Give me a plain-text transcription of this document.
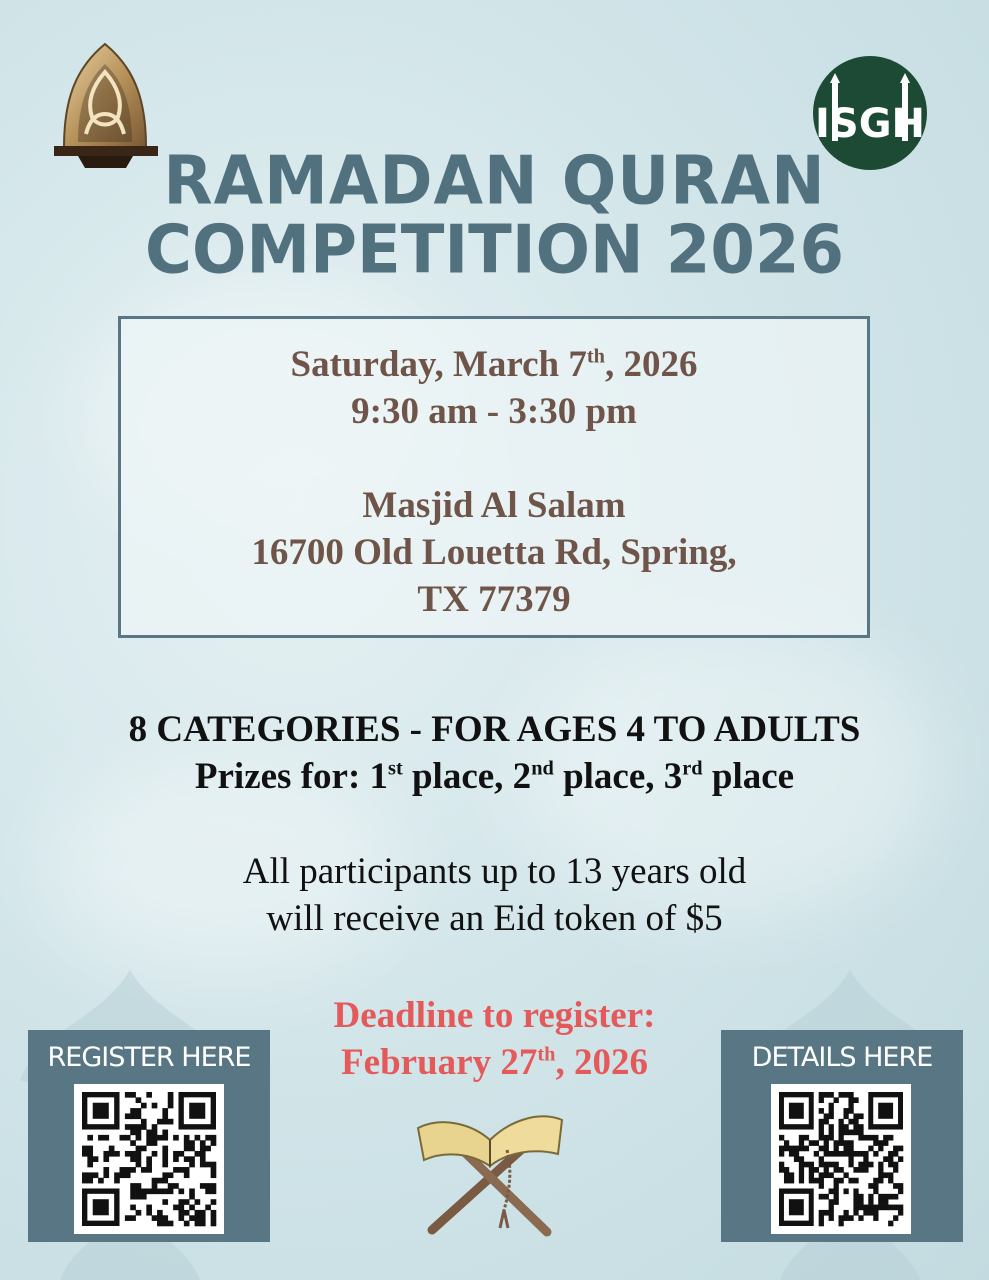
ISGH
RAMADAN QURAN
COMPETITION 2026
Saturday, March 7th, 2026
9:30 am - 3:30 pm
Masjid Al Salam
16700 Old Louetta Rd, Spring,
TX 77379
8 CATEGORIES - FOR AGES 4 TO ADULTS
Prizes for: 1st place, 2nd place, 3rd place
All participants up to 13 years old
will receive an Eid token of $5
Deadline to register:
February 27th, 2026
REGISTER HERE	DETAILS HERE
